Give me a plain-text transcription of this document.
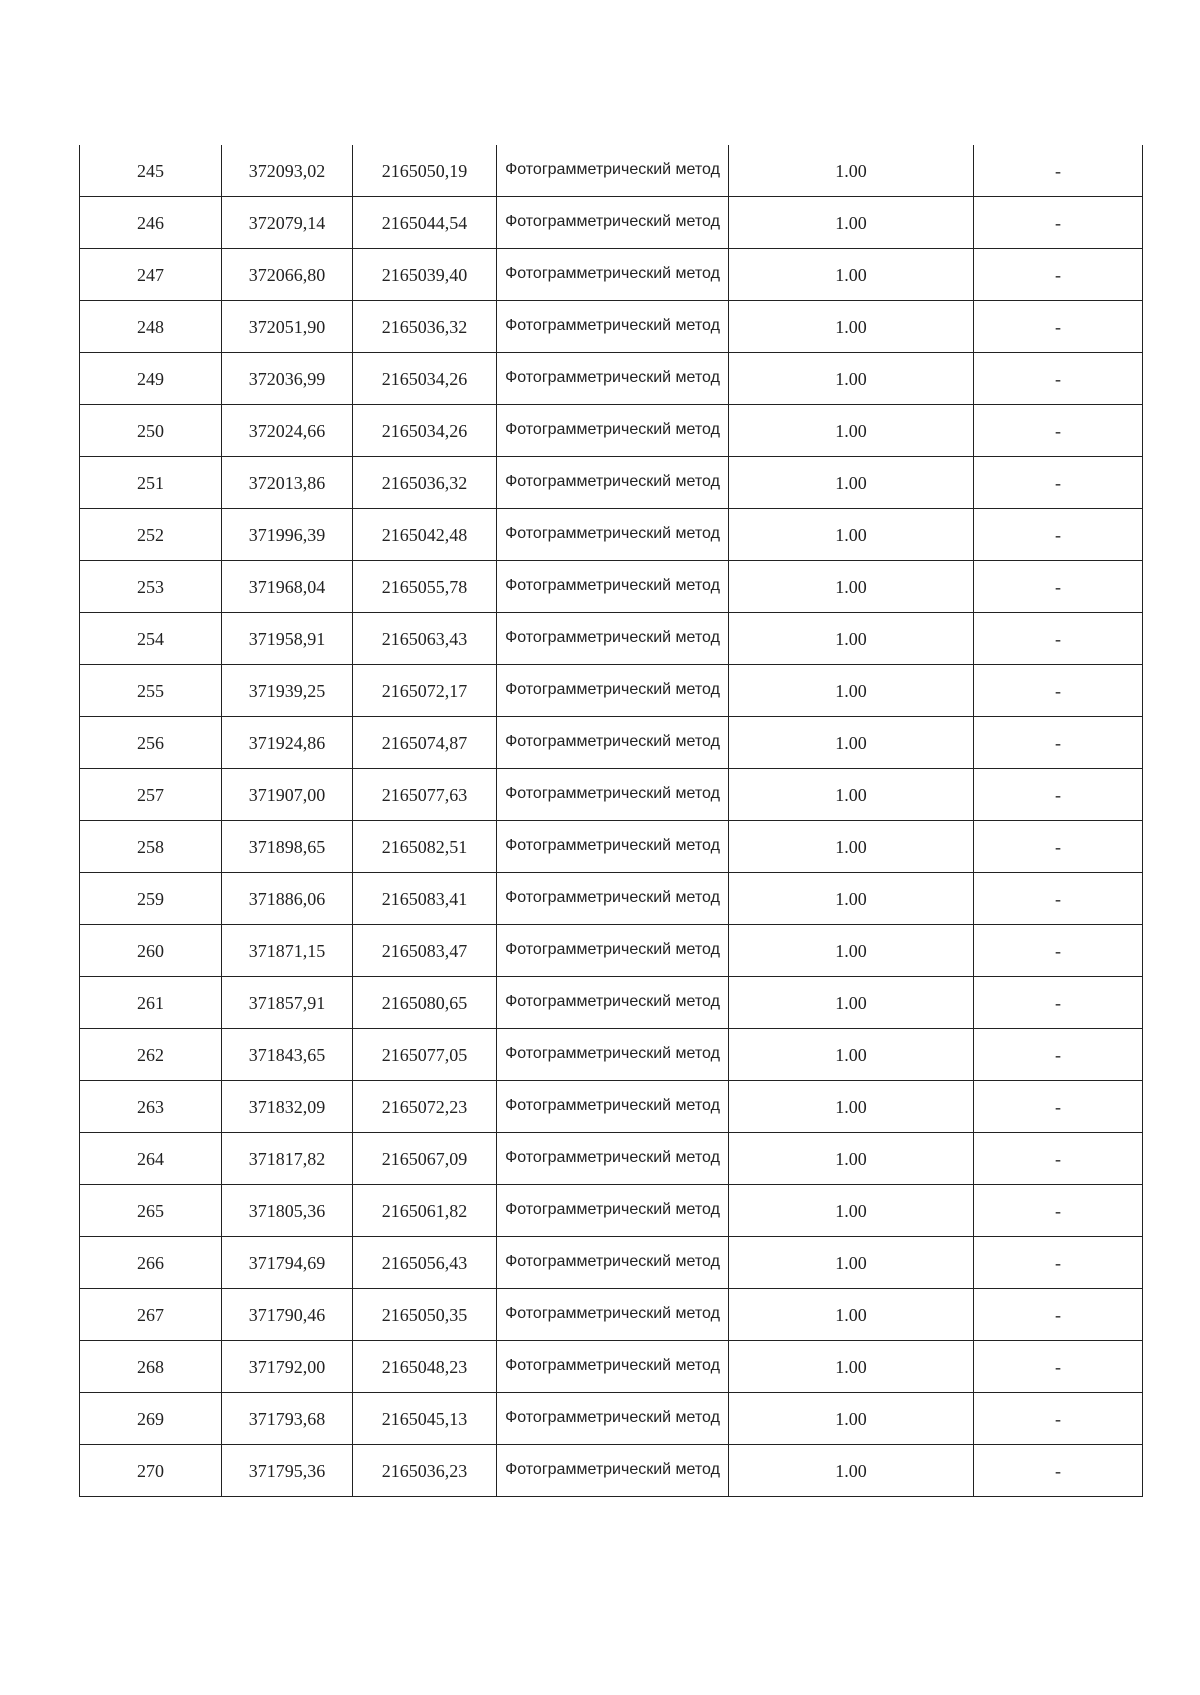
245	372093,02	2165050,19	Фотограмметрический метод	1.00	-
246	372079,14	2165044,54	Фотограмметрический метод	1.00	-
247	372066,80	2165039,40	Фотограмметрический метод	1.00	-
248	372051,90	2165036,32	Фотограмметрический метод	1.00	-
249	372036,99	2165034,26	Фотограмметрический метод	1.00	-
250	372024,66	2165034,26	Фотограмметрический метод	1.00	-
251	372013,86	2165036,32	Фотограмметрический метод	1.00	-
252	371996,39	2165042,48	Фотограмметрический метод	1.00	-
253	371968,04	2165055,78	Фотограмметрический метод	1.00	-
254	371958,91	2165063,43	Фотограмметрический метод	1.00	-
255	371939,25	2165072,17	Фотограмметрический метод	1.00	-
256	371924,86	2165074,87	Фотограмметрический метод	1.00	-
257	371907,00	2165077,63	Фотограмметрический метод	1.00	-
258	371898,65	2165082,51	Фотограмметрический метод	1.00	-
259	371886,06	2165083,41	Фотограмметрический метод	1.00	-
260	371871,15	2165083,47	Фотограмметрический метод	1.00	-
261	371857,91	2165080,65	Фотограмметрический метод	1.00	-
262	371843,65	2165077,05	Фотограмметрический метод	1.00	-
263	371832,09	2165072,23	Фотограмметрический метод	1.00	-
264	371817,82	2165067,09	Фотограмметрический метод	1.00	-
265	371805,36	2165061,82	Фотограмметрический метод	1.00	-
266	371794,69	2165056,43	Фотограмметрический метод	1.00	-
267	371790,46	2165050,35	Фотограмметрический метод	1.00	-
268	371792,00	2165048,23	Фотограмметрический метод	1.00	-
269	371793,68	2165045,13	Фотограмметрический метод	1.00	-
270	371795,36	2165036,23	Фотограмметрический метод	1.00	-
